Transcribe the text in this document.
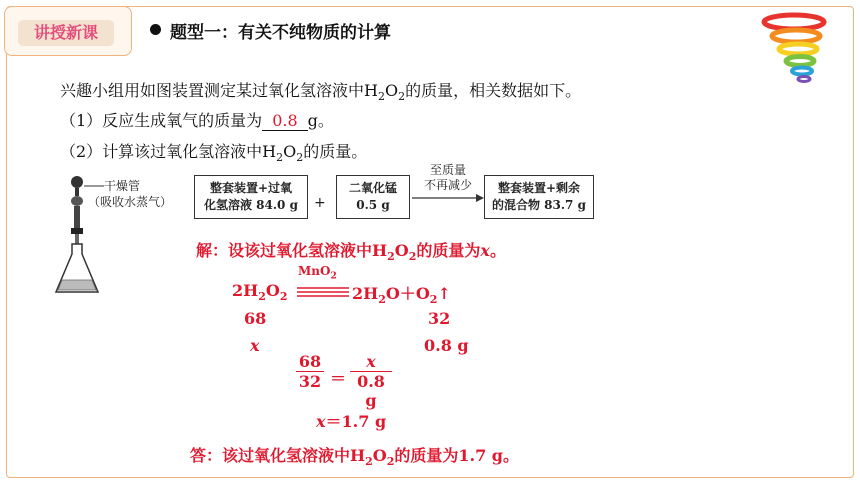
讲授新课	题型一：有关不纯物质的计算
兴趣小组用如图装置测定某过氧化氢溶液中$H_2O_2$的质量，相关数据如下。
（1）反应生成氧气的质量为 0.8 g。
（2）计算该过氧化氢溶液中$H_2O_2$的质量。
干燥管
（吸收水蒸气）
整套装置+过氧
化氢溶液 84.0 g	+
二氧化锰
0.5 g
至质量
不再减少	整套装置+剩余
的混合物 83.7 g
解：设该过氧化氢溶液中$H_2O_2$的质量为x。
$2H_2O_2$
MnO$_2$
$2H_2O+O_2↑$
68	32
x	0.8 g
$\frac{68}{32} = \frac{x}{0.8 g}$
x＝1.7 g
答：该过氧化氢溶液中$H_2O_2$的质量为1.7 g。
